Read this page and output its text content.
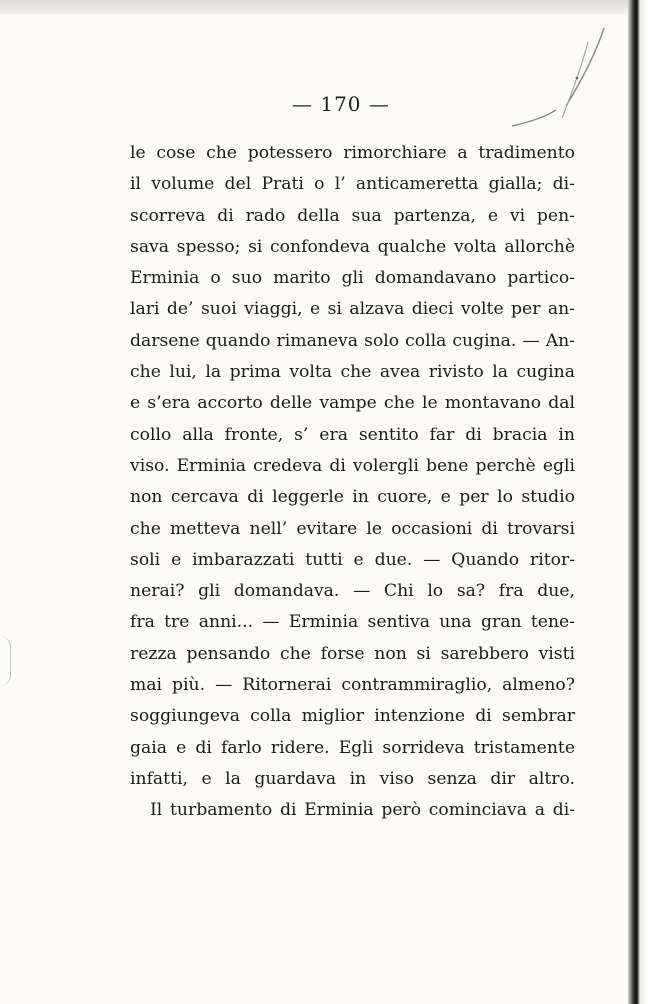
— 170 —
le cose che potessero rimorchiare a tradimento
il volume del Prati o l’ anticameretta gialla; di-
scorreva di rado della sua partenza, e vi pen-
sava spesso; si confondeva qualche volta allorchè
Erminia o suo marito gli domandavano partico-
lari de’ suoi viaggi, e si alzava dieci volte per an-
darsene quando rimaneva solo colla cugina. — An-
che lui, la prima volta che avea rivisto la cugina
e s’era accorto delle vampe che le montavano dal
collo alla fronte, s’ era sentito far di bracia in
viso. Erminia credeva di volergli bene perchè egli
non cercava di leggerle in cuore, e per lo studio
che metteva nell’ evitare le occasioni di trovarsi
soli e imbarazzati tutti e due. — Quando ritor-
nerai? gli domandava. — Chi lo sa? fra due,
fra tre anni... — Erminia sentiva una gran tene-
rezza pensando che forse non si sarebbero visti
mai più. — Ritornerai contrammiraglio, almeno?
soggiungeva colla miglior intenzione di sembrar
gaia e di farlo ridere. Egli sorrideva tristamente
infatti, e la guardava in viso senza dir altro.
Il turbamento di Erminia però cominciava a di-
